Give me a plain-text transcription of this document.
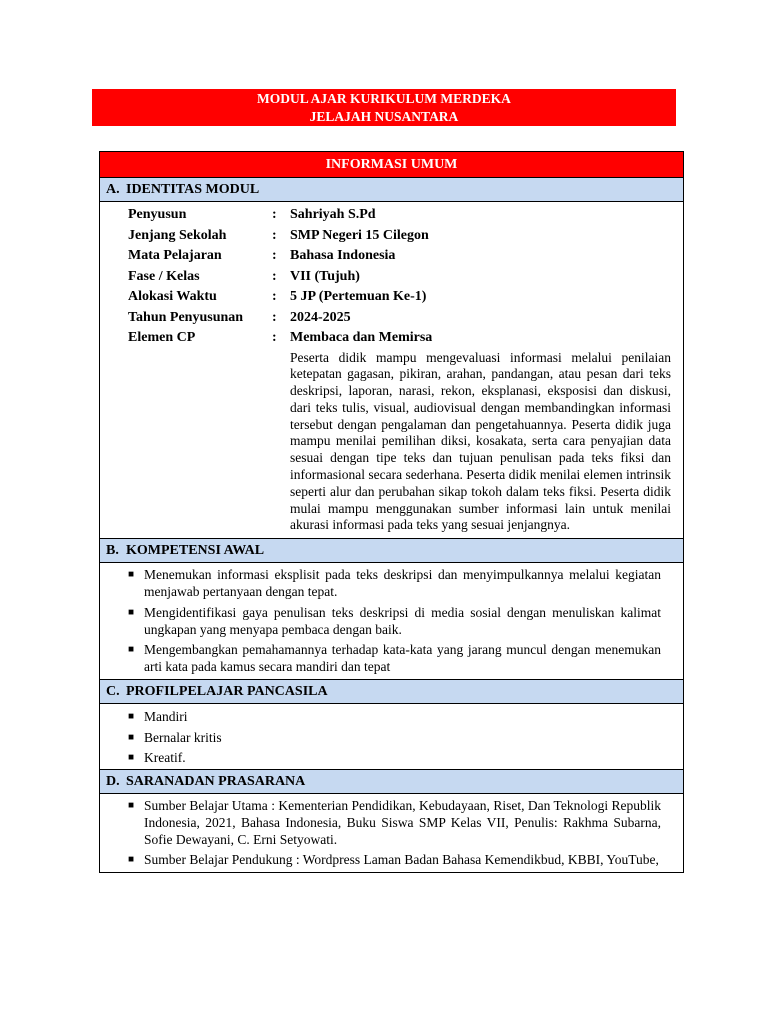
MODUL AJAR KURIKULUM MERDEKA
JELAJAH NUSANTARA
INFORMASI UMUM
A. IDENTITAS MODUL
Penyusun	: Sahriyah S.Pd
Jenjang Sekolah	: SMP Negeri 15 Cilegon
Mata Pelajaran	: Bahasa Indonesia
Fase / Kelas	: VII (Tujuh)
Alokasi Waktu	: 5 JP (Pertemuan Ke-1)
Tahun Penyusunan	: 2024-2025
Elemen CP	: Membaca dan Memirsa
Peserta didik mampu mengevaluasi informasi melalui penilaian ketepatan gagasan, pikiran, arahan, pandangan, atau pesan dari teks deskripsi, laporan, narasi, rekon, eksplanasi, eksposisi dan diskusi, dari teks tulis, visual, audiovisual dengan membandingkan informasi tersebut dengan pengalaman dan pengetahuannya. Peserta didik juga mampu menilai pemilihan diksi, kosakata, serta cara penyajian data sesuai dengan tipe teks dan tujuan penulisan pada teks fiksi dan informasional secara sederhana. Peserta didik menilai elemen intrinsik seperti alur dan perubahan sikap tokoh dalam teks fiksi. Peserta didik mulai mampu menggunakan sumber informasi lain untuk menilai akurasi informasi pada teks yang sesuai jenjangnya.
B. KOMPETENSI AWAL
■ Menemukan informasi eksplisit pada teks deskripsi dan menyimpulkannya melalui kegiatan menjawab pertanyaan dengan tepat.
■ Mengidentifikasi gaya penulisan teks deskripsi di media sosial dengan menuliskan kalimat ungkapan yang menyapa pembaca dengan baik.
■ Mengembangkan pemahamannya terhadap kata-kata yang jarang muncul dengan menemukan arti kata pada kamus secara mandiri dan tepat
C. PROFILPELAJAR PANCASILA
■ Mandiri
■ Bernalar kritis
■ Kreatif.
D. SARANADAN PRASARANA
■ Sumber Belajar Utama : Kementerian Pendidikan, Kebudayaan, Riset, Dan Teknologi Republik Indonesia, 2021, Bahasa Indonesia, Buku Siswa SMP Kelas VII, Penulis: Rakhma Subarna, Sofie Dewayani, C. Erni Setyowati.
■ Sumber Belajar Pendukung : Wordpress Laman Badan Bahasa Kemendikbud, KBBI, YouTube,
